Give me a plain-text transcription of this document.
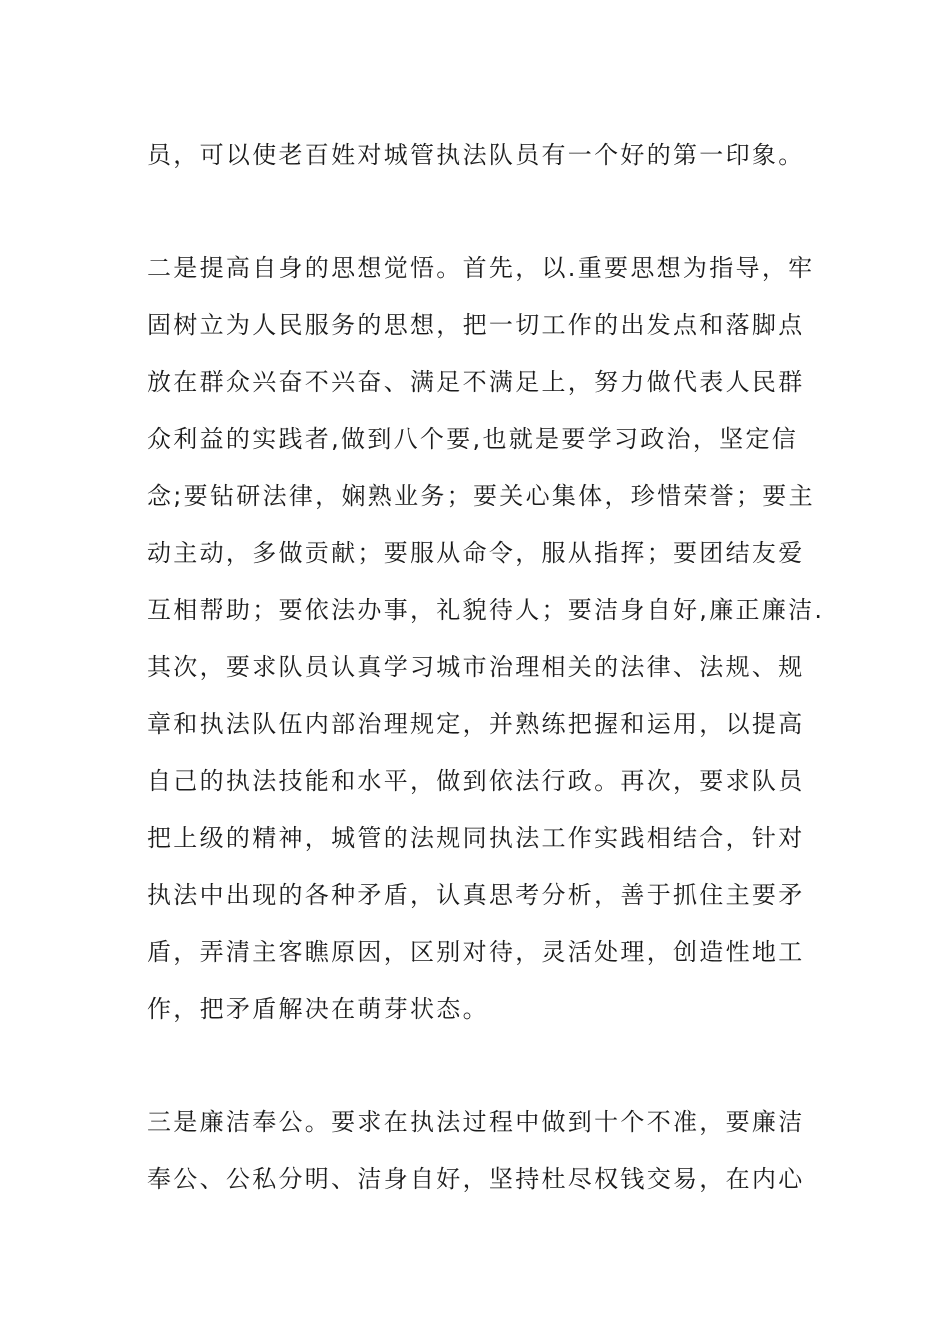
员，可以使老百姓对城管执法队员有一个好的第一印象。
二是提高自身的思想觉悟。首先，以.重要思想为指导，牢
固树立为人民服务的思想，把一切工作的出发点和落脚点
放在群众兴奋不兴奋、满足不满足上，努力做代表人民群
众利益的实践者,做到八个要,也就是要学习政治，坚定信
念;要钻研法律，娴熟业务；要关心集体，珍惜荣誉；要主
动主动，多做贡献；要服从命令，服从指挥；要团结友爱
互相帮助；要依法办事，礼貌待人；要洁身自好,廉正廉洁.
其次，要求队员认真学习城市治理相关的法律、法规、规
章和执法队伍内部治理规定，并熟练把握和运用，以提高
自己的执法技能和水平，做到依法行政。再次，要求队员
把上级的精神，城管的法规同执法工作实践相结合，针对
执法中出现的各种矛盾，认真思考分析，善于抓住主要矛
盾，弄清主客瞧原因，区别对待，灵活处理，创造性地工
作，把矛盾解决在萌芽状态。
三是廉洁奉公。要求在执法过程中做到十个不准，要廉洁
奉公、公私分明、洁身自好，坚持杜尽权钱交易，在内心
